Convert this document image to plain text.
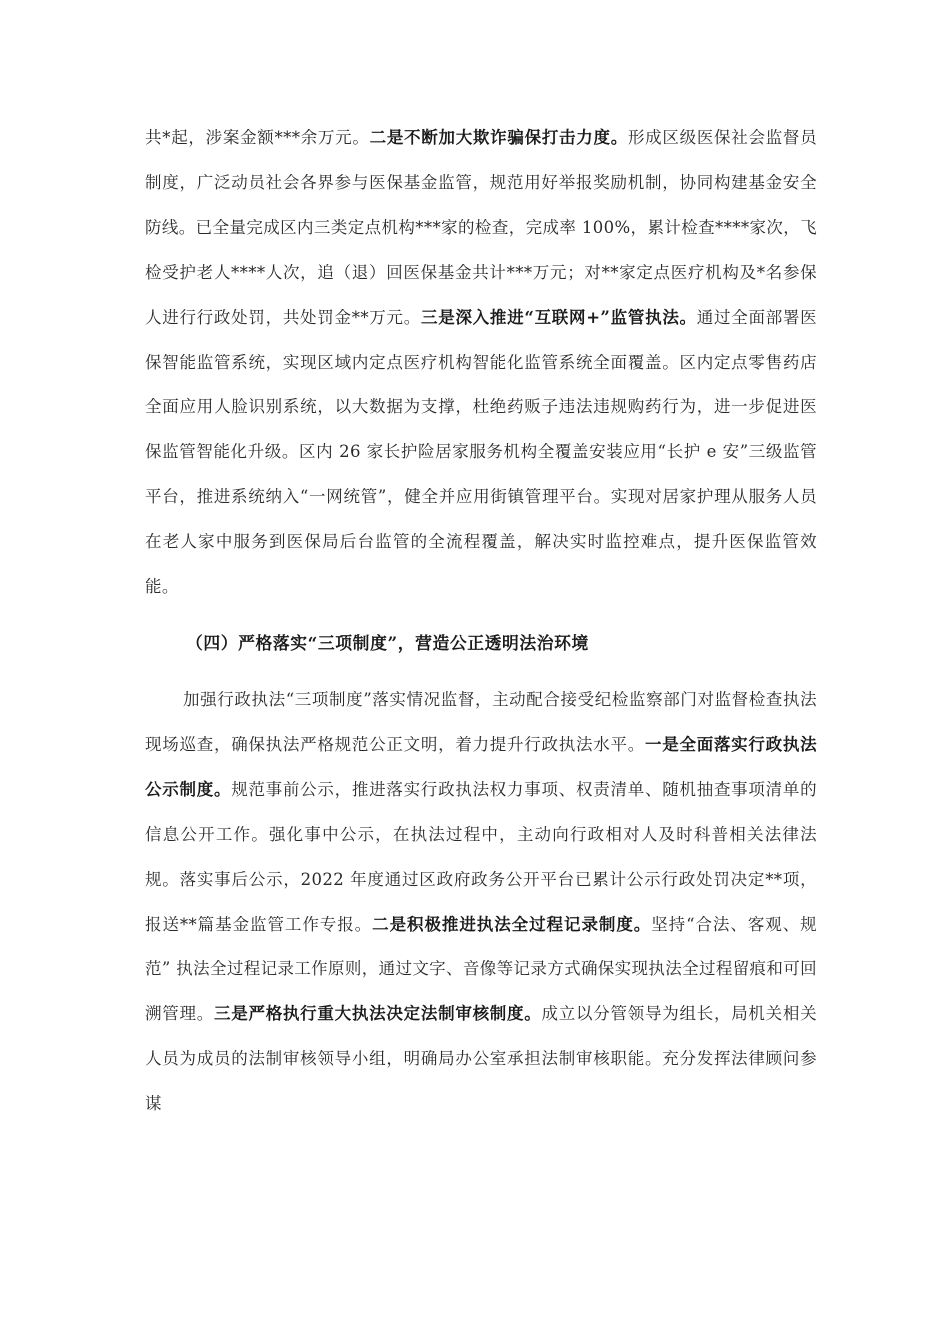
共*起，涉案金额***余万元。二是不断加大欺诈骗保打击力度。形成区级医保社会监督员制度，广泛动员社会各界参与医保基金监管，规范用好举报奖励机制，协同构建基金安全防线。已全量完成区内三类定点机构***家的检查，完成率 100%，累计检查****家次，飞检受护老人****人次，追（退）回医保基金共计***万元；对**家定点医疗机构及*名参保人进行行政处罚，共处罚金**万元。三是深入推进“互联网+”监管执法。通过全面部署医保智能监管系统，实现区域内定点医疗机构智能化监管系统全面覆盖。区内定点零售药店全面应用人脸识别系统，以大数据为支撑，杜绝药贩子违法违规购药行为，进一步促进医保监管智能化升级。区内 26 家长护险居家服务机构全覆盖安装应用“长护 e 安”三级监管平台，推进系统纳入“一网统管”，健全并应用街镇管理平台。实现对居家护理从服务人员在老人家中服务到医保局后台监管的全流程覆盖，解决实时监控难点，提升医保监管效能。

（四）严格落实“三项制度”，营造公正透明法治环境

加强行政执法“三项制度”落实情况监督，主动配合接受纪检监察部门对监督检查执法现场巡查，确保执法严格规范公正文明，着力提升行政执法水平。一是全面落实行政执法公示制度。规范事前公示，推进落实行政执法权力事项、权责清单、随机抽查事项清单的信息公开工作。强化事中公示，在执法过程中，主动向行政相对人及时科普相关法律法规。落实事后公示，2022 年度通过区政府政务公开平台已累计公示行政处罚决定**项，报送**篇基金监管工作专报。二是积极推进执法全过程记录制度。坚持“合法、客观、规范” 执法全过程记录工作原则，通过文字、音像等记录方式确保实现执法全过程留痕和可回溯管理。三是严格执行重大执法决定法制审核制度。成立以分管领导为组长，局机关相关人员为成员的法制审核领导小组，明确局办公室承担法制审核职能。充分发挥法律顾问参谋
